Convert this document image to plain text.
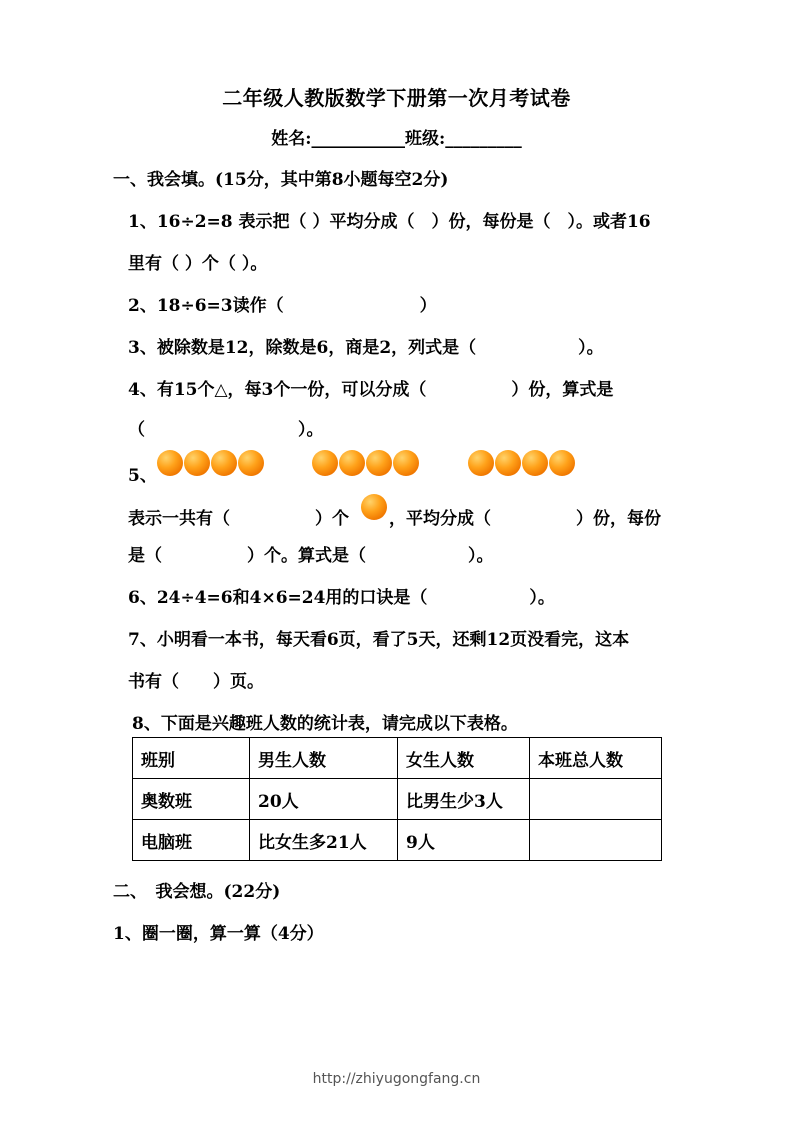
二年级人教版数学下册第一次月考试卷
姓名:___________班级:_________
一、我会填。(15分，其中第8小题每空2分)
1、16÷2=8 表示把（ ）平均分成（　）份，每份是（　）。或者16
里有（ ）个（ ）。
2、18÷6=3读作（　　　　　　　　）
3、被除数是12，除数是6，商是2，列式是（　　　　　　）。
4、有15个△，每3个一份，可以分成（　　　　　）份，算式是
（　　　　　　　　　）。
5、
表示一共有（　　　　　）个 ，平均分成（　　　　　）份，每份
是（　　　　　）个。算式是（　　　　　　）。
6、24÷4=6和4×6=24用的口诀是（　　　　　　）。
7、小明看一本书，每天看6页，看了5天，还剩12页没看完，这本
书有（　　）页。
8、下面是兴趣班人数的统计表，请完成以下表格。
班别	男生人数	女生人数	本班总人数
奥数班	20人	比男生少3人	
电脑班	比女生多21人	9人	
二、　我会想。(22分)
1、圈一圈，算一算（4分）
http://zhiyugongfang.cn
